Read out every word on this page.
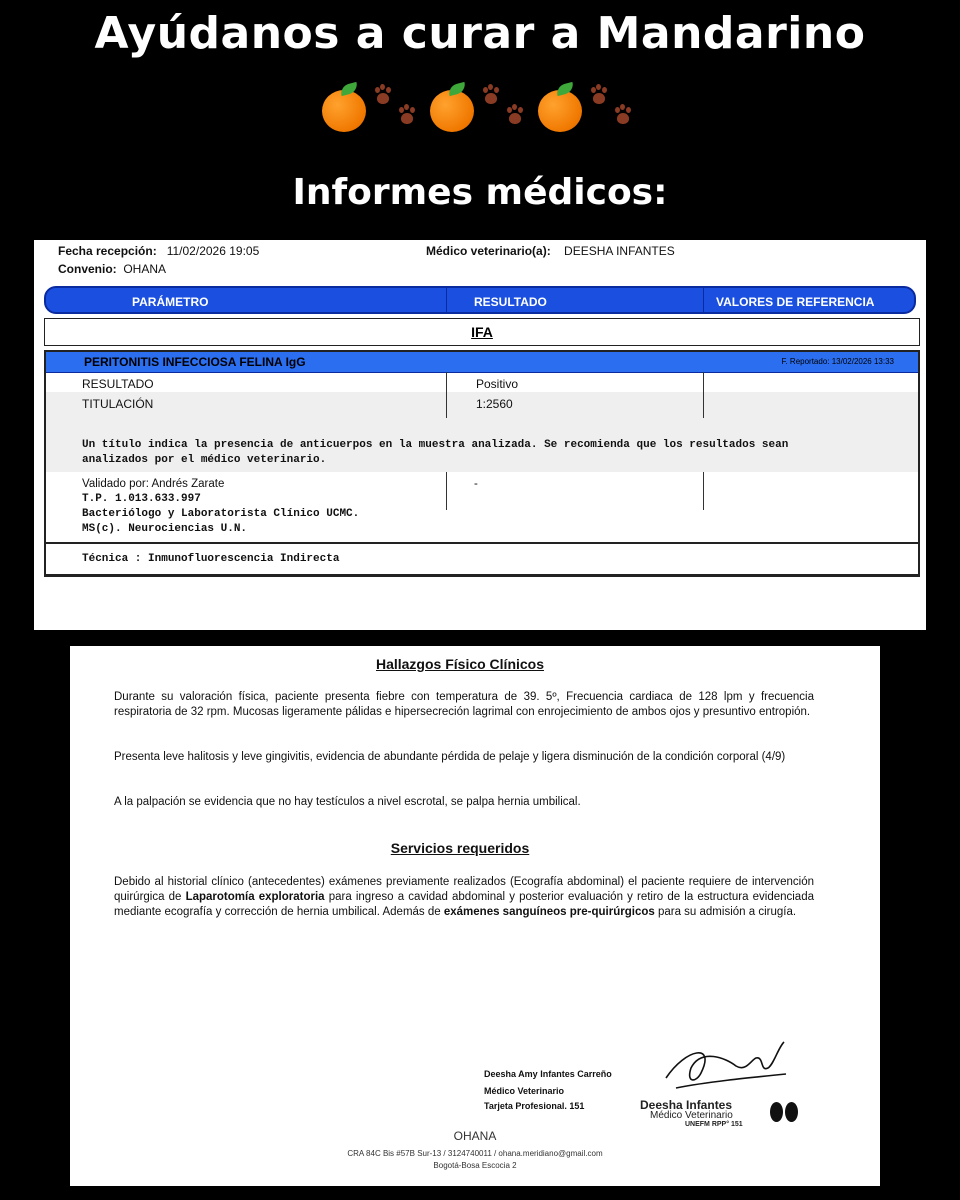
Ayúdanos a curar a Mandarino
Informes médicos:
Fecha recepción: 11/02/2026 19:05
Convenio: OHANA
Médico veterinario(a): DEESHA INFANTES
PARÁMETRO	RESULTADO	VALORES DE REFERENCIA
IFA
PERITONITIS INFECCIOSA FELINA IgG	F. Reportado: 13/02/2026 13:33
RESULTADO	Positivo
TITULACIÓN	1:2560
Un título indica la presencia de anticuerpos en la muestra analizada. Se recomienda que los resultados sean analizados por el médico veterinario.
Validado por: Andrés Zarate	-
T.P. 1.013.633.997
Bacteriólogo y Laboratorista Clínico UCMC.
MS(c). Neurociencias U.N.
Técnica : Inmunofluorescencia Indirecta
Hallazgos Físico Clínicos

Durante su valoración física, paciente presenta fiebre con temperatura de 39. 5º, Frecuencia cardiaca de 128 lpm y frecuencia respiratoria de 32 rpm. Mucosas ligeramente pálidas e hipersecreción lagrimal con enrojecimiento de ambos ojos y presuntivo entropión.

Presenta leve halitosis y leve gingivitis, evidencia de abundante pérdida de pelaje y ligera disminución de la condición corporal (4/9)

A la palpación se evidencia que no hay testículos a nivel escrotal, se palpa hernia umbilical.

Servicios requeridos

Debido al historial clínico (antecedentes) exámenes previamente realizados (Ecografía abdominal) el paciente requiere de intervención quirúrgica de Laparotomía exploratoria para ingreso a cavidad abdominal y posterior evaluación y retiro de la estructura evidenciada mediante ecografía y corrección de hernia umbilical. Además de exámenes sanguíneos pre-quirúrgicos para su admisión a cirugía.

Deesha Amy Infantes Carreño
Médico Veterinario
Tarjeta Profesional. 151	Deesha Infantes
Médico Veterinario
UNEFM RPP° 151
OHANA
CRA 84C Bis #57B Sur-13 / 3124740011 / ohana.meridiano@gmail.com
Bogotá-Bosa Escocia 2
